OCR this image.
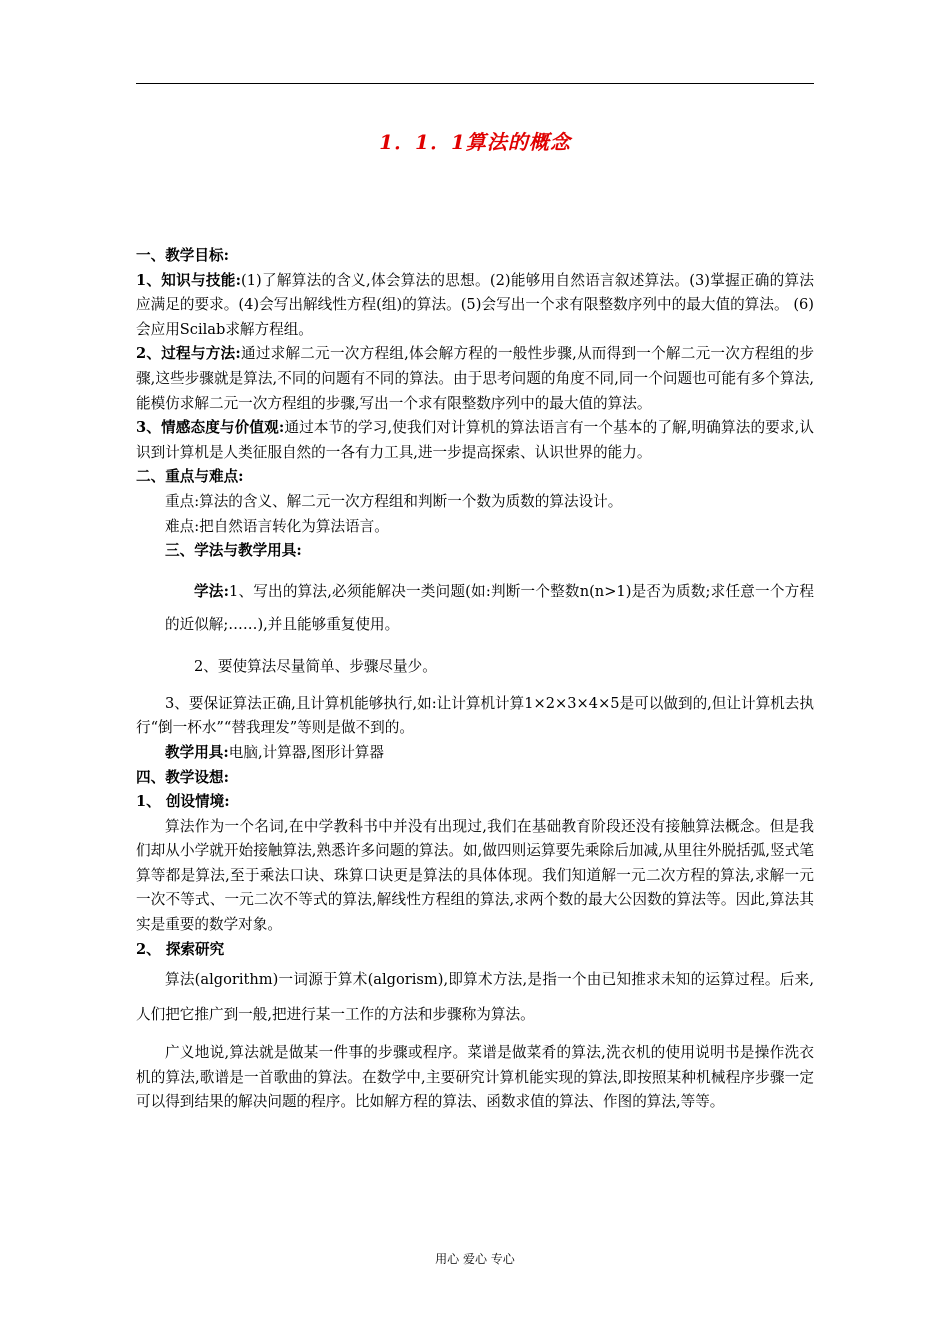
1．1．1算法的概念

一、教学目标:

1、知识与技能:(1)了解算法的含义,体会算法的思想。(2)能够用自然语言叙述算法。(3)掌握正确的算法应满足的要求。(4)会写出解线性方程(组)的算法。(5)会写出一个求有限整数序列中的最大值的算法。 (6) 会应用Scilab求解方程组。

2、过程与方法:通过求解二元一次方程组,体会解方程的一般性步骤,从而得到一个解二元一次方程组的步骤,这些步骤就是算法,不同的问题有不同的算法。由于思考问题的角度不同,同一个问题也可能有多个算法,能模仿求解二元一次方程组的步骤,写出一个求有限整数序列中的最大值的算法。

3、情感态度与价值观:通过本节的学习,使我们对计算机的算法语言有一个基本的了解,明确算法的要求,认识到计算机是人类征服自然的一各有力工具,进一步提高探索、认识世界的能力。

二、重点与难点:

重点:算法的含义、解二元一次方程组和判断一个数为质数的算法设计。

难点:把自然语言转化为算法语言。

三、学法与教学用具:

学法:1、写出的算法,必须能解决一类问题(如:判断一个整数n(n>1)是否为质数;求任意一个方程的近似解;……),并且能够重复使用。

2、要使算法尽量简单、步骤尽量少。

3、要保证算法正确,且计算机能够执行,如:让计算机计算1×2×3×4×5是可以做到的,但让计算机去执行“倒一杯水”“替我理发”等则是做不到的。

教学用具:电脑,计算器,图形计算器

四、教学设想:

1、 创设情境:

算法作为一个名词,在中学教科书中并没有出现过,我们在基础教育阶段还没有接触算法概念。但是我们却从小学就开始接触算法,熟悉许多问题的算法。如,做四则运算要先乘除后加减,从里往外脱括弧,竖式笔算等都是算法,至于乘法口诀、珠算口诀更是算法的具体体现。我们知道解一元二次方程的算法,求解一元一次不等式、一元二次不等式的算法,解线性方程组的算法,求两个数的最大公因数的算法等。因此,算法其实是重要的数学对象。

2、 探索研究

算法(algorithm)一词源于算术(algorism),即算术方法,是指一个由已知推求未知的运算过程。后来,人们把它推广到一般,把进行某一工作的方法和步骤称为算法。

广义地说,算法就是做某一件事的步骤或程序。菜谱是做菜肴的算法,洗衣机的使用说明书是操作洗衣机的算法,歌谱是一首歌曲的算法。在数学中,主要研究计算机能实现的算法,即按照某种机械程序步骤一定可以得到结果的解决问题的程序。比如解方程的算法、函数求值的算法、作图的算法,等等。

用心 爱心 专心
